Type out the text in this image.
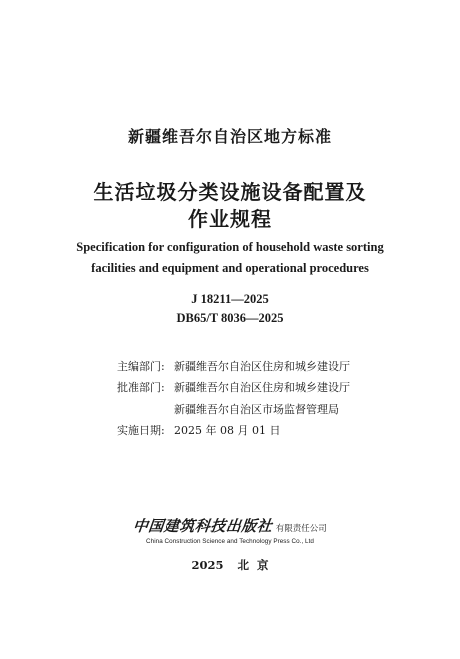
新疆维吾尔自治区地方标准
生活垃圾分类设施设备配置及
作业规程
Specification for configuration of household waste sorting
facilities and equipment and operational procedures
J 18211—2025
DB65/T 8036—2025
主编部门: 新疆维吾尔自治区住房和城乡建设厅
批准部门: 新疆维吾尔自治区住房和城乡建设厅
新疆维吾尔自治区市场监督管理局
实施日期: 2025 年 08 月 01 日
中国建筑科技出版社 有限责任公司
China Construction Science and Technology Press Co., Ltd
2025 北  京
